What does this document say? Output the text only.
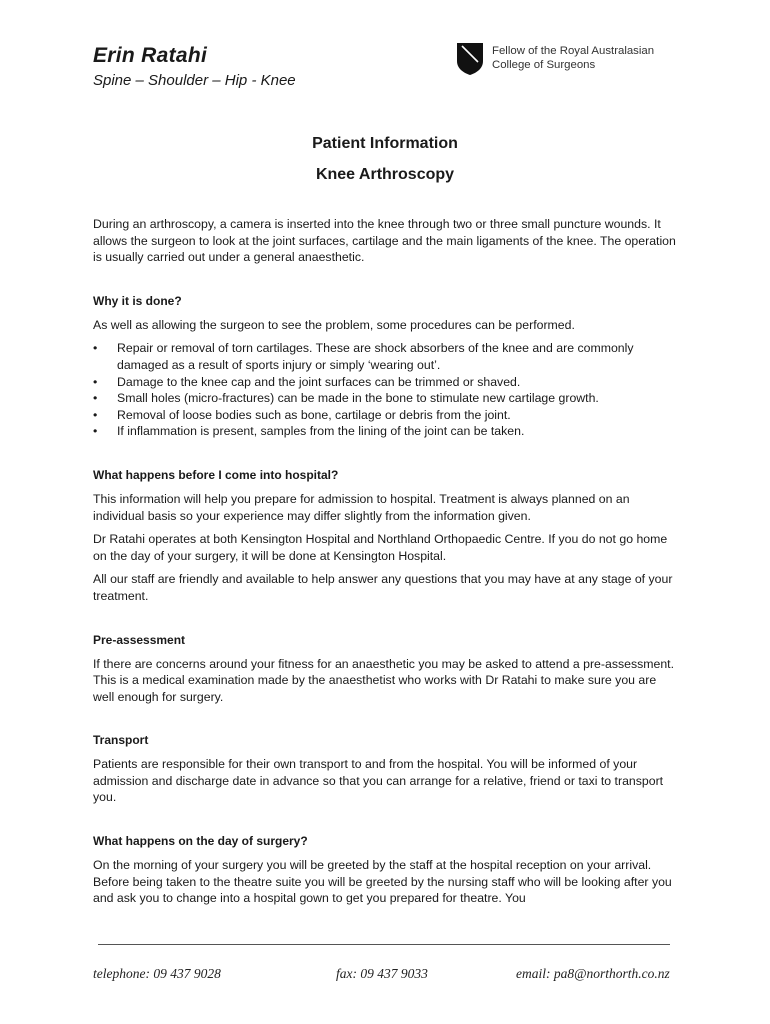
Erin Ratahi
Spine – Shoulder – Hip - Knee
Fellow of the Royal Australasian
College of Surgeons
Patient Information
Knee Arthroscopy

During an arthroscopy, a camera is inserted into the knee through two or three small puncture wounds. It allows the surgeon to look at the joint surfaces, cartilage and the main ligaments of the knee. The operation is usually carried out under a general anaesthetic.

Why it is done?

As well as allowing the surgeon to see the problem, some procedures can be performed.

• Repair or removal of torn cartilages. These are shock absorbers of the knee and are commonly damaged as a result of sports injury or simply ‘wearing out’.
• Damage to the knee cap and the joint surfaces can be trimmed or shaved.
• Small holes (micro-fractures) can be made in the bone to stimulate new cartilage growth.
• Removal of loose bodies such as bone, cartilage or debris from the joint.
• If inflammation is present, samples from the lining of the joint can be taken.
What happens before I come into hospital?

This information will help you prepare for admission to hospital. Treatment is always planned on an individual basis so your experience may differ slightly from the information given.

Dr Ratahi operates at both Kensington Hospital and Northland Orthopaedic Centre. If you do not go home on the day of your surgery, it will be done at Kensington Hospital.

All our staff are friendly and available to help answer any questions that you may have at any stage of your treatment.

Pre-assessment

If there are concerns around your fitness for an anaesthetic you may be asked to attend a pre-assessment. This is a medical examination made by the anaesthetist who works with Dr Ratahi to make sure you are well enough for surgery.

Transport

Patients are responsible for their own transport to and from the hospital. You will be informed of your admission and discharge date in advance so that you can arrange for a relative, friend or taxi to transport you.

What happens on the day of surgery?

On the morning of your surgery you will be greeted by the staff at the hospital reception on your arrival. Before being taken to the theatre suite you will be greeted by the nursing staff who will be looking after you and ask you to change into a hospital gown to get you prepared for theatre. You

telephone: 09 437 9028	fax: 09 437 9033	email: pa8@northorth.co.nz
